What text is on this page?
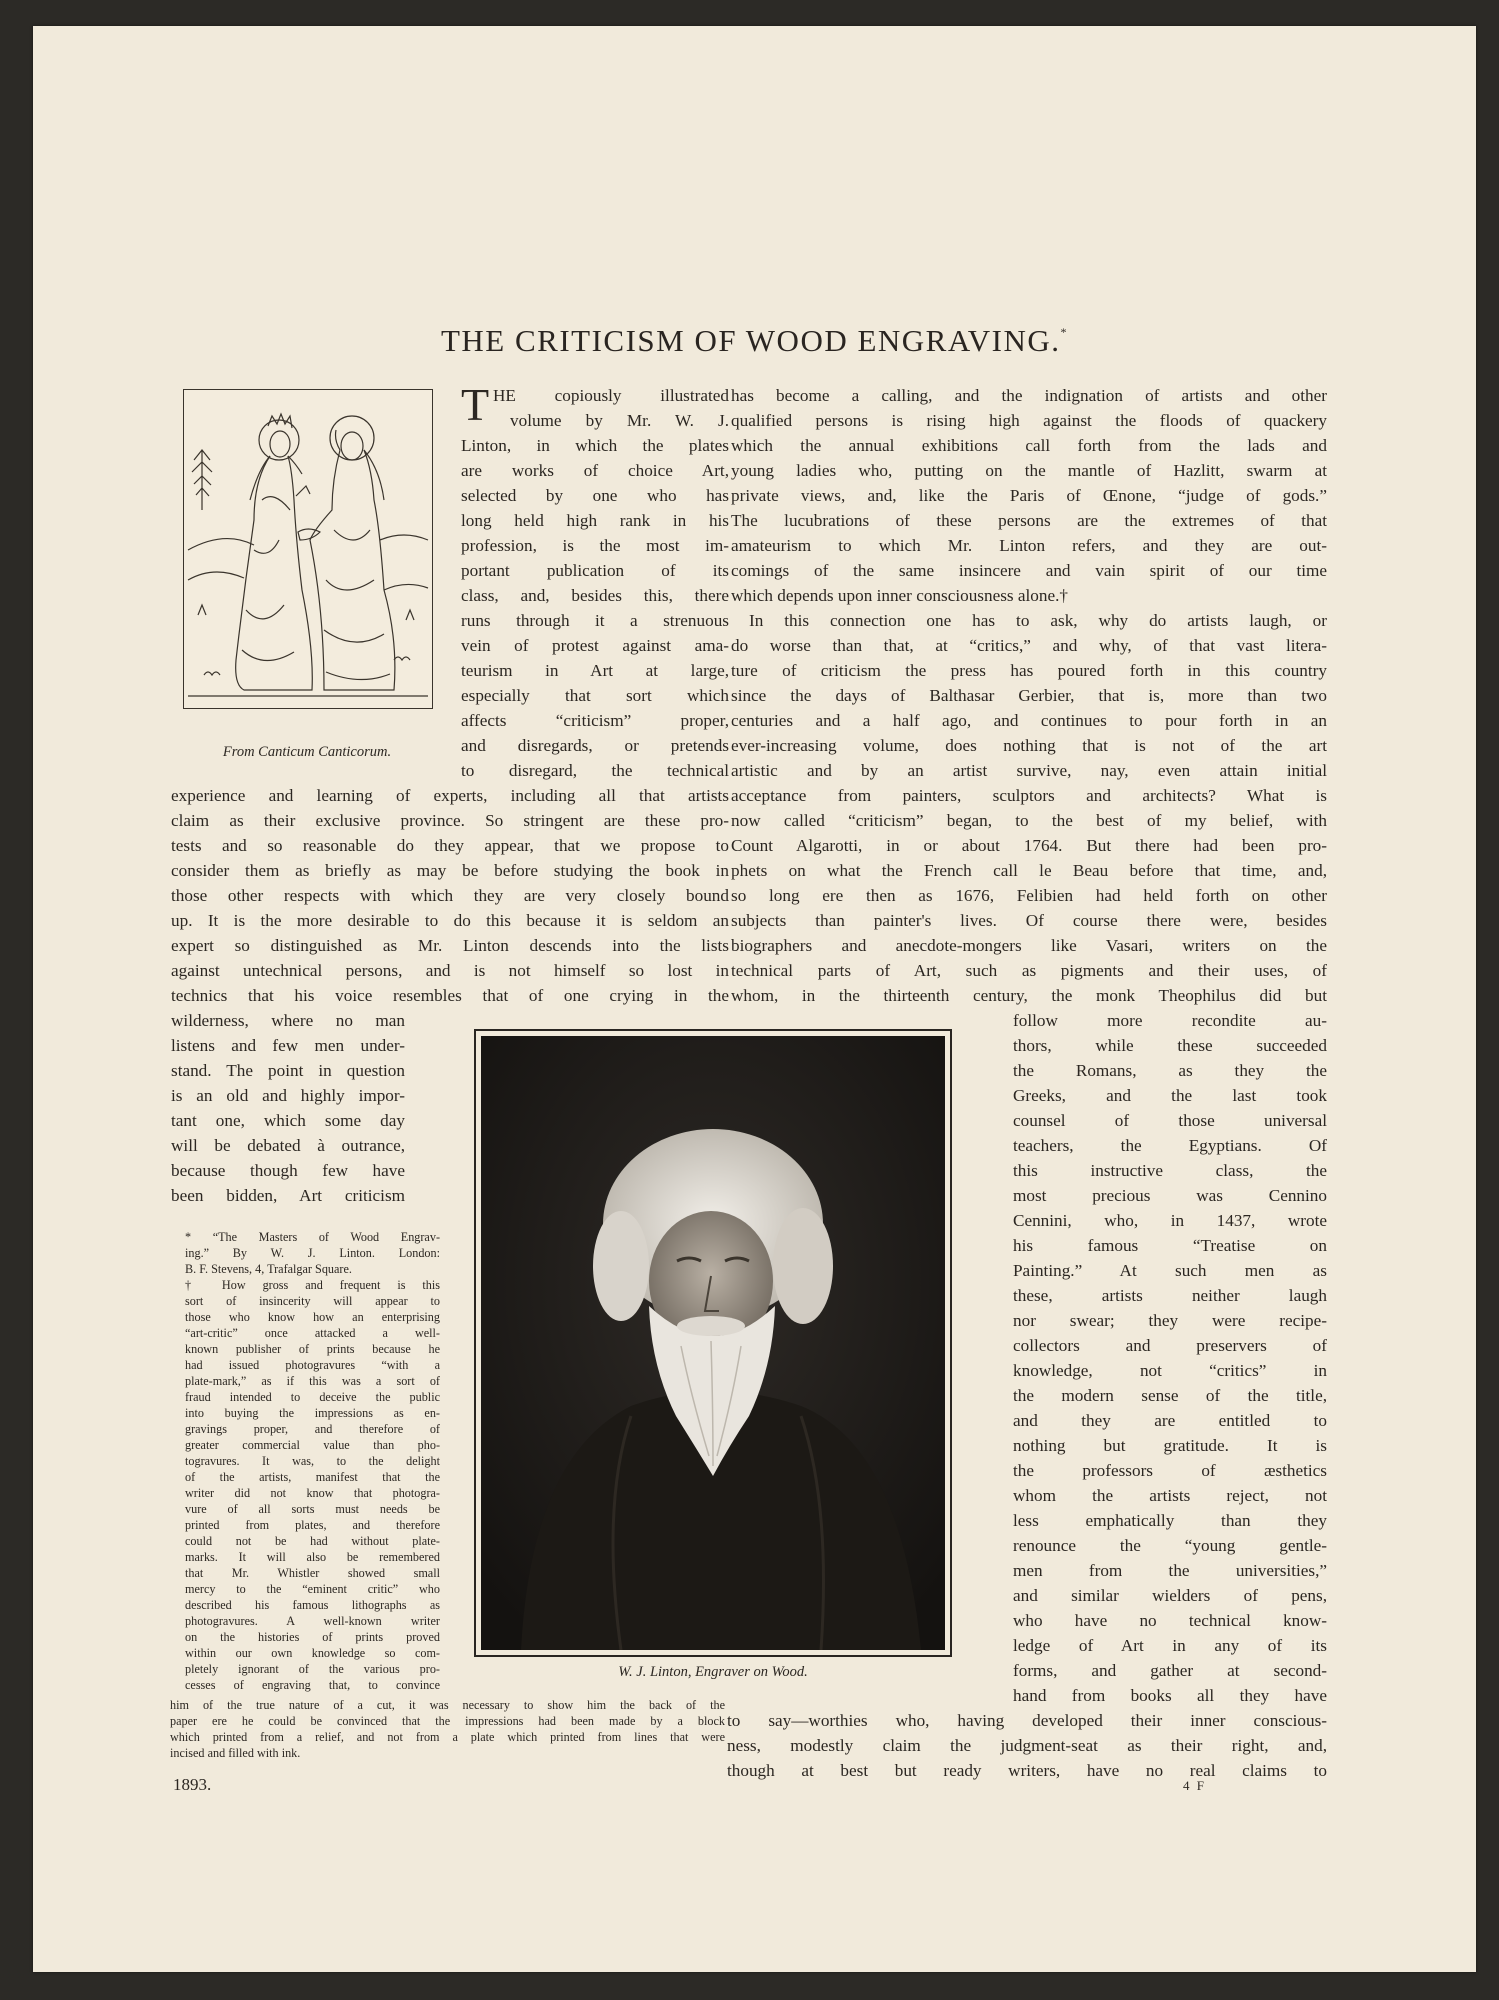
THE CRITICISM OF WOOD ENGRAVING.*
From Canticum Canticorum.
W. J. Linton, Engraver on Wood.
T HE copiously illustrated
volume by Mr. W. J.
Linton, in which the plates
are works of choice Art,
selected by one who has
long held high rank in his
profession, is the most im-
portant publication of its
class, and, besides this, there
runs through it a strenuous
vein of protest against ama-
teurism in Art at large,
especially that sort which
affects “criticism” proper,
and disregards, or pretends
to disregard, the technical
experience and learning of experts, including all that artists
claim as their exclusive province. So stringent are these pro-
tests and so reasonable do they appear, that we propose to
consider them as briefly as may be before studying the book in
those other respects with which they are very closely bound
up. It is the more desirable to do this because it is seldom an
expert so distinguished as Mr. Linton descends into the lists
against untechnical persons, and is not himself so lost in
technics that his voice resembles that of one crying in the
wilderness, where no man
listens and few men under-
stand. The point in question
is an old and highly impor-
tant one, which some day
will be debated à outrance,
because though few have
been bidden, Art criticism
has become a calling, and the indignation of artists and other
qualified persons is rising high against the floods of quackery
which the annual exhibitions call forth from the lads and
young ladies who, putting on the mantle of Hazlitt, swarm at
private views, and, like the Paris of Œnone, “judge of gods.”
The lucubrations of these persons are the extremes of that
amateurism to which Mr. Linton refers, and they are out-
comings of the same insincere and vain spirit of our time
which depends upon inner consciousness alone.†
In this connection one has to ask, why do artists laugh, or
do worse than that, at “critics,” and why, of that vast litera-
ture of criticism the press has poured forth in this country
since the days of Balthasar Gerbier, that is, more than two
centuries and a half ago, and continues to pour forth in an
ever-increasing volume, does nothing that is not of the art
artistic and by an artist survive, nay, even attain initial
acceptance from painters, sculptors and architects? What is
now called “criticism” began, to the best of my belief, with
Count Algarotti, in or about 1764. But there had been pro-
phets on what the French call le Beau before that time, and,
so long ere then as 1676, Felibien had held forth on other
subjects than painter's lives. Of course there were, besides
biographers and anecdote-mongers like Vasari, writers on the
technical parts of Art, such as pigments and their uses, of
whom, in the thirteenth century, the monk Theophilus did but
follow more recondite au-
thors, while these succeeded
the Romans, as they the
Greeks, and the last took
counsel of those universal
teachers, the Egyptians. Of
this instructive class, the
most precious was Cennino
Cennini, who, in 1437, wrote
his famous “Treatise on
Painting.” At such men as
these, artists neither laugh
nor swear; they were recipe-
collectors and preservers of
knowledge, not “critics” in
the modern sense of the title,
and they are entitled to
nothing but gratitude. It is
the professors of æsthetics
whom the artists reject, not
less emphatically than they
renounce the “young gentle-
men from the universities,”
and similar wielders of pens,
who have no technical know-
ledge of Art in any of its
forms, and gather at second-
hand from books all they have
to say—worthies who, having developed their inner conscious-
ness, modestly claim the judgment-seat as their right, and,
though at best but ready writers, have no real claims to
* “The Masters of Wood Engrav-
ing.” By W. J. Linton. London:
B. F. Stevens, 4, Trafalgar Square.
† How gross and frequent is this
sort of insincerity will appear to
those who know how an enterprising
“art-critic” once attacked a well-
known publisher of prints because he
had issued photogravures “with a
plate-mark,” as if this was a sort of
fraud intended to deceive the public
into buying the impressions as en-
gravings proper, and therefore of
greater commercial value than pho-
togravures. It was, to the delight
of the artists, manifest that the
writer did not know that photogra-
vure of all sorts must needs be
printed from plates, and therefore
could not be had without plate-
marks. It will also be remembered
that Mr. Whistler showed small
mercy to the “eminent critic” who
described his famous lithographs as
photogravures. A well-known writer
on the histories of prints proved
within our own knowledge so com-
pletely ignorant of the various pro-
cesses of engraving that, to convince
him of the true nature of a cut, it was necessary to show him the back of the
paper ere he could be convinced that the impressions had been made by a block
which printed from a relief, and not from a plate which printed from lines that were
incised and filled with ink.
1893.	4 F
